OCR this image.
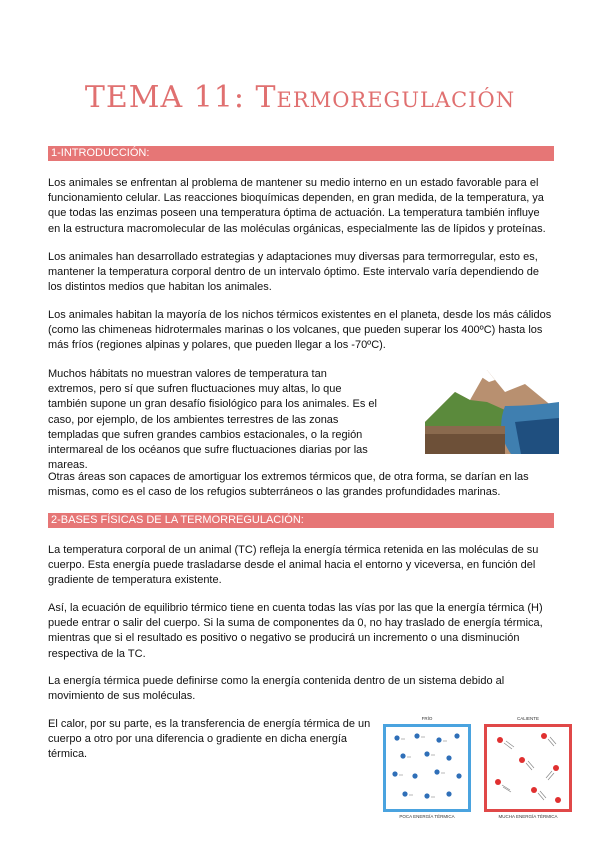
TEMA 11: Termoregulación
1-INTRODUCCIÓN:

Los animales se enfrentan al problema de mantener su medio interno en un estado favorable para el funcionamiento celular. Las reacciones bioquímicas dependen, en gran medida, de la temperatura, ya que todas las enzimas poseen una temperatura óptima de actuación. La temperatura también influye en la estructura macromolecular de las moléculas orgánicas, especialmente las de lípidos y proteínas.

Los animales han desarrollado estrategias y adaptaciones muy diversas para termorregular, esto es, mantener la temperatura corporal dentro de un intervalo óptimo. Este intervalo varía dependiendo de los distintos medios que habitan los animales.

Los animales habitan la mayoría de los nichos térmicos existentes en el planeta, desde los más cálidos (como las chimeneas hidrotermales marinas o los volcanes, que pueden superar los 400ºC) hasta los más fríos (regiones alpinas y polares, que pueden llegar a los -70ºC).

Muchos hábitats no muestran valores de temperatura tan extremos, pero sí que sufren fluctuaciones muy altas, lo que también supone un gran desafío fisiológico para los animales. Es el caso, por ejemplo, de los ambientes terrestres de las zonas templadas que sufren grandes cambios estacionales, o la región intermareal de los océanos que sufre fluctuaciones diarias por las mareas.

Otras áreas son capaces de amortiguar los extremos térmicos que, de otra forma, se darían en las mismas, como es el caso de los refugios subterráneos o las grandes profundidades marinas.

2-BASES FÍSICAS DE LA TERMORREGULACIÓN:

La temperatura corporal de un animal (TC) refleja la energía térmica retenida en las moléculas de su cuerpo. Esta energía puede trasladarse desde el animal hacia el entorno y viceversa, en función del gradiente de temperatura existente.

Así, la ecuación de equilibrio térmico tiene en cuenta todas las vías por las que la energía térmica (H) puede entrar o salir del cuerpo. Si la suma de componentes da 0, no hay traslado de energía térmica, mientras que si el resultado es positivo o negativo se producirá un incremento o una disminución respectiva de la TC.

La energía térmica puede definirse como la energía contenida dentro de un sistema debido al movimiento de sus moléculas.

El calor, por su parte, es la transferencia de energía térmica de un cuerpo a otro por una diferencia o gradiente en dicha energía térmica.

FRÍO
POCA ENERGÍA TÉRMICA
CALIENTE
MUCHA ENERGÍA TÉRMICA
